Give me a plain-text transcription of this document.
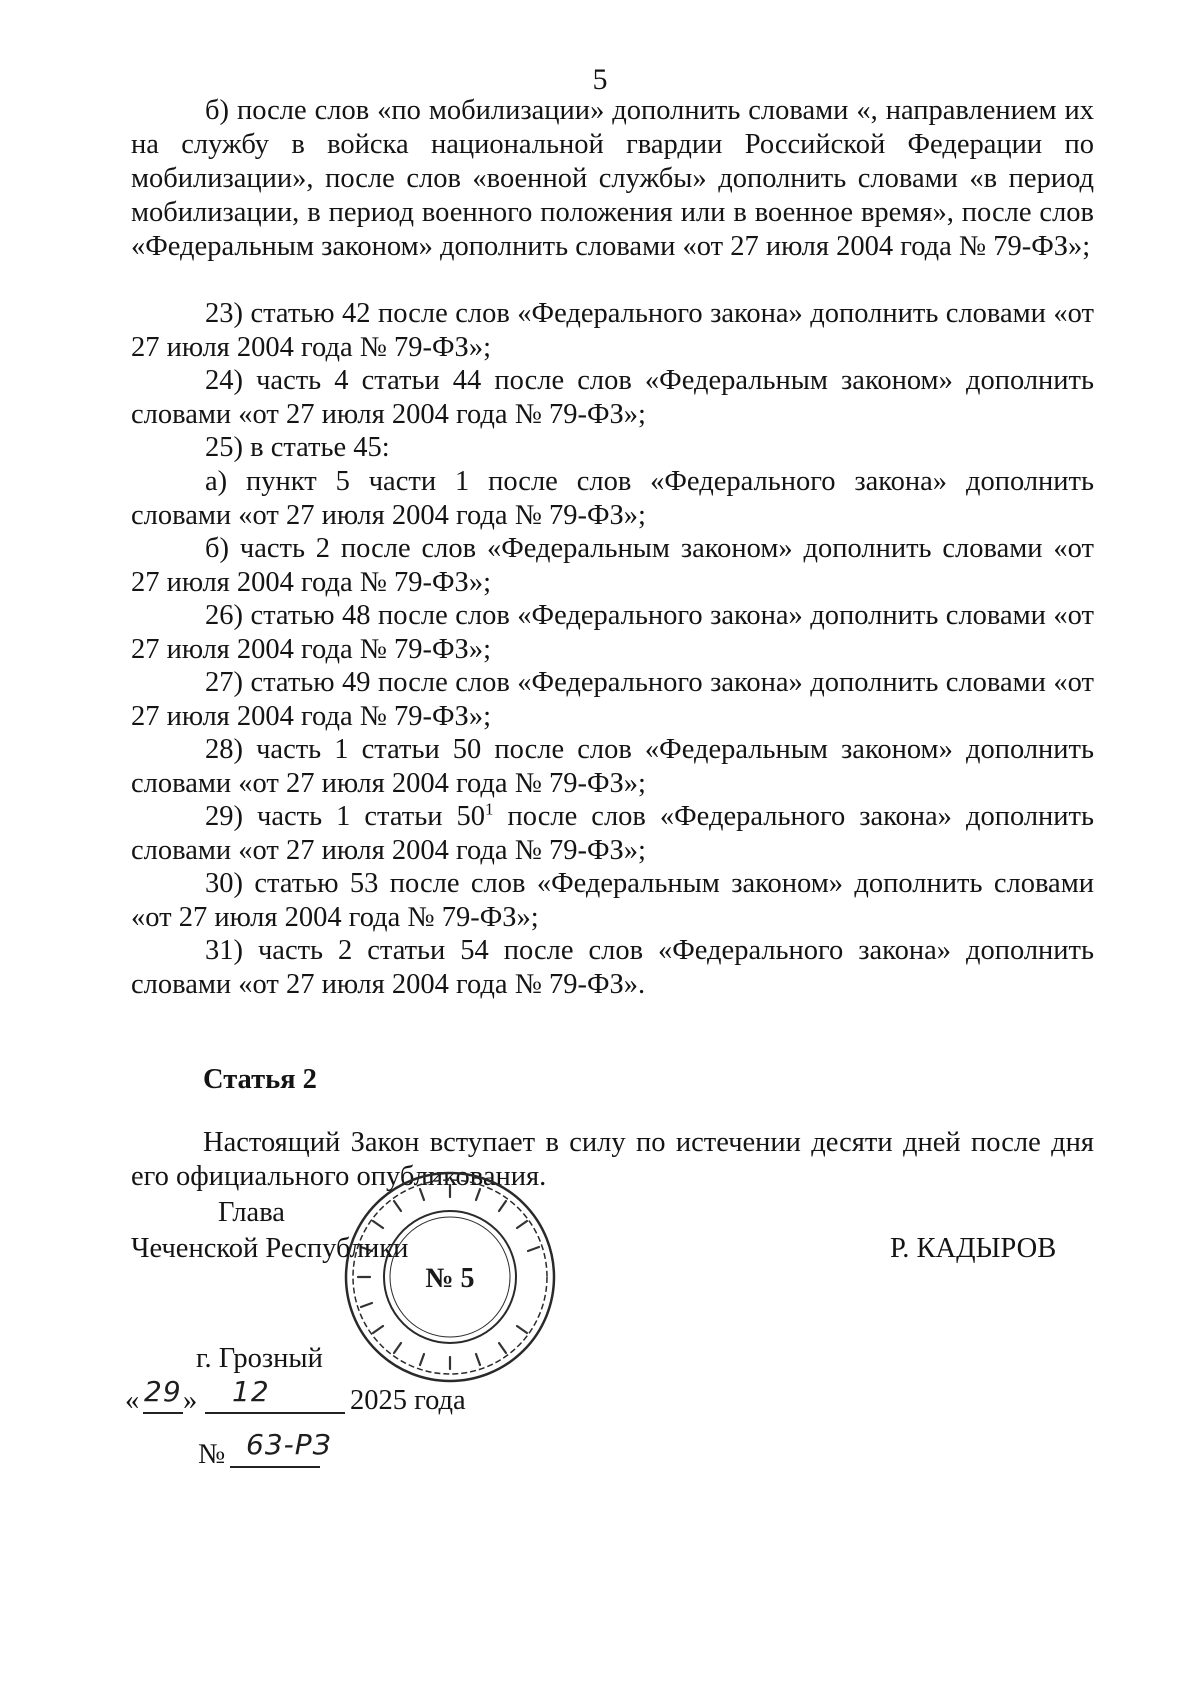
5

б) после слов «по мобилизации» дополнить словами «, направлением их на службу в войска национальной гвардии Российской Федерации по мобилизации», после слов «военной службы» дополнить словами «в период мобилизации, в период военного положения или в военное время», после слов «Федеральным законом» дополнить словами «от 27 июля 2004 года № 79-ФЗ»;

23) статью 42 после слов «Федерального закона» дополнить словами «от 27 июля 2004 года № 79-ФЗ»;

24) часть 4 статьи 44 после слов «Федеральным законом» дополнить словами «от 27 июля 2004 года № 79-ФЗ»;

25) в статье 45:

а) пункт 5 части 1 после слов «Федерального закона» дополнить словами «от 27 июля 2004 года № 79-ФЗ»;

б) часть 2 после слов «Федеральным законом» дополнить словами «от 27 июля 2004 года № 79-ФЗ»;

26) статью 48 после слов «Федерального закона» дополнить словами «от 27 июля 2004 года № 79-ФЗ»;

27) статью 49 после слов «Федерального закона» дополнить словами «от 27 июля 2004 года № 79-ФЗ»;

28) часть 1 статьи 50 после слов «Федеральным законом» дополнить словами «от 27 июля 2004 года № 79-ФЗ»;

29) часть 1 статьи $50^1$ после слов «Федерального закона» дополнить словами «от 27 июля 2004 года № 79-ФЗ»;

30) статью 53 после слов «Федеральным законом» дополнить словами «от 27 июля 2004 года № 79-ФЗ»;

31) часть 2 статьи 54 после слов «Федерального закона» дополнить словами «от 27 июля 2004 года № 79-ФЗ».

Статья 2

Настоящий Закон вступает в силу по истечении десяти дней после дня его официального опубликования.

№ 5
Глава
Чеченской Республики	Р. КАДЫРОВ
г. Грозный
« 29 » 12	2025 года
№ 63-РЗ
